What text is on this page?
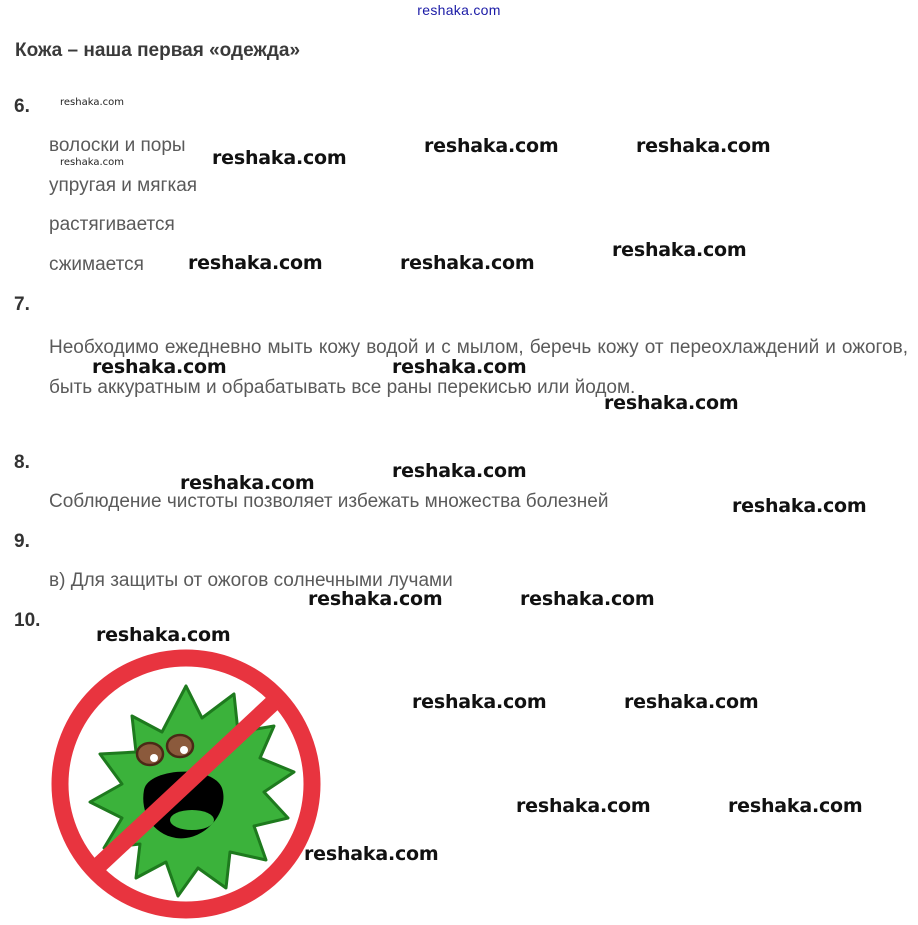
reshaka.com
Кожа – наша первая «одежда»
6.
волоски и поры
упругая и мягкая
растягивается
сжимается
7.

Необходимо ежедневно мыть кожу водой и с мылом, беречь кожу от переохлаждений и ожогов, быть аккуратным и обрабатывать все раны перекисью или йодом.

8.
Соблюдение чистоты позволяет избежать множества болезней
9.
в) Для защиты от ожогов солнечными лучами
10.
reshaka.com
reshaka.com	reshaka.com
reshaka.com	reshaka.com
reshaka.com
reshaka.com	reshaka.com
reshaka.com	reshaka.com
reshaka.com
reshaka.com
reshaka.com
reshaka.com
reshaka.com	reshaka.com
reshaka.com
reshaka.com	reshaka.com
reshaka.com	reshaka.com
reshaka.com
